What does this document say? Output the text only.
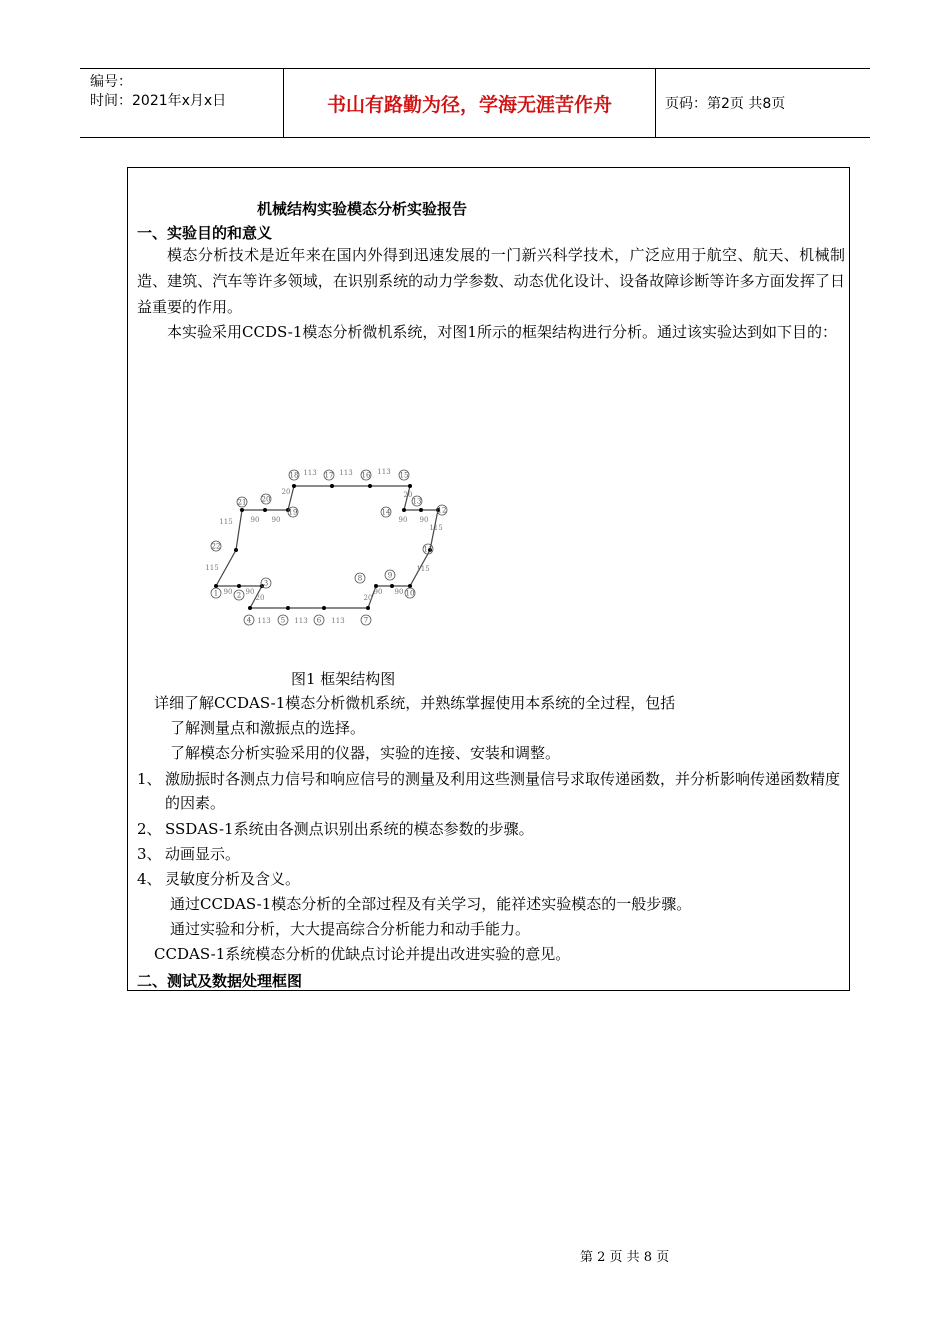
编号：
时间：2021年x月x日	书山有路勤为径，学海无涯苦作舟	页码：第2页 共8页
机械结构实验模态分析实验报告
一、实验目的和意义
模态分析技术是近年来在国内外得到迅速发展的一门新兴科学技术，广泛应用于航空、航天、机械制造、建筑、汽车等许多领域，在识别系统的动力学参数、动态优化设计、设备故障诊断等许多方面发挥了日益重要的作用。
本实验采用CCDS-1模态分析微机系统，对图1所示的框架结构进行分析。通过该实验达到如下目的：
1	2
3
4	5	6	7
8	9
10
11
12
13
14
15
16
17
18
19
20
21
22
113	113	113
113	113	113
90 90	90 90
90 90	90 90
115
115
115
115
20	20
20	20
图1 框架结构图
详细了解CCDAS-1模态分析微机系统，并熟练掌握使用本系统的全过程，包括
了解测量点和激振点的选择。
了解模态分析实验采用的仪器，实验的连接、安装和调整。
1、 激励振时各测点力信号和响应信号的测量及利用这些测量信号求取传递函数，并分析影响传递函数精度的因素。
2、 SSDAS-1系统由各测点识别出系统的模态参数的步骤。
3、 动画显示。
4、 灵敏度分析及含义。
通过CCDAS-1模态分析的全部过程及有关学习，能祥述实验模态的一般步骤。
通过实验和分析，大大提高综合分析能力和动手能力。
CCDAS-1系统模态分析的优缺点讨论并提出改进实验的意见。
二、测试及数据处理框图
第 2 页 共 8 页
